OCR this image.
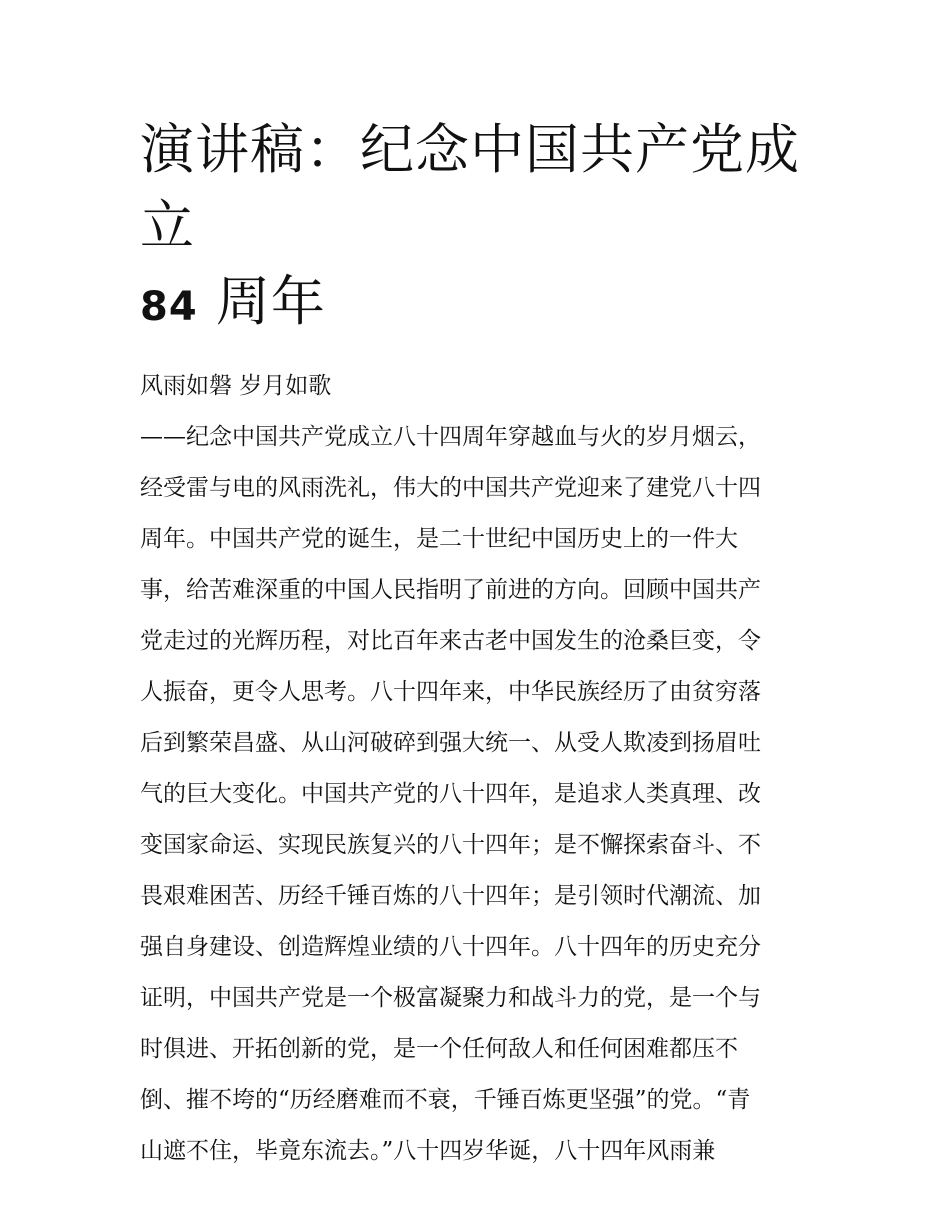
演讲稿：纪念中国共产党成立
84 周年

风雨如磐 岁月如歌

——纪念中国共产党成立八十四周年穿越血与火的岁月烟云，
经受雷与电的风雨洗礼，伟大的中国共产党迎来了建党八十四
周年。中国共产党的诞生，是二十世纪中国历史上的一件大
事，给苦难深重的中国人民指明了前进的方向。回顾中国共产
党走过的光辉历程，对比百年来古老中国发生的沧桑巨变，令
人振奋，更令人思考。八十四年来，中华民族经历了由贫穷落
后到繁荣昌盛、从山河破碎到强大统一、从受人欺凌到扬眉吐
气的巨大变化。中国共产党的八十四年，是追求人类真理、改
变国家命运、实现民族复兴的八十四年；是不懈探索奋斗、不
畏艰难困苦、历经千锤百炼的八十四年；是引领时代潮流、加
强自身建设、创造辉煌业绩的八十四年。八十四年的历史充分
证明，中国共产党是一个极富凝聚力和战斗力的党，是一个与
时俱进、开拓创新的党，是一个任何敌人和任何困难都压不
倒、摧不垮的“历经磨难而不衰，千锤百炼更坚强”的党。“青
山遮不住，毕竟东流去。”八十四岁华诞，八十四年风雨兼
